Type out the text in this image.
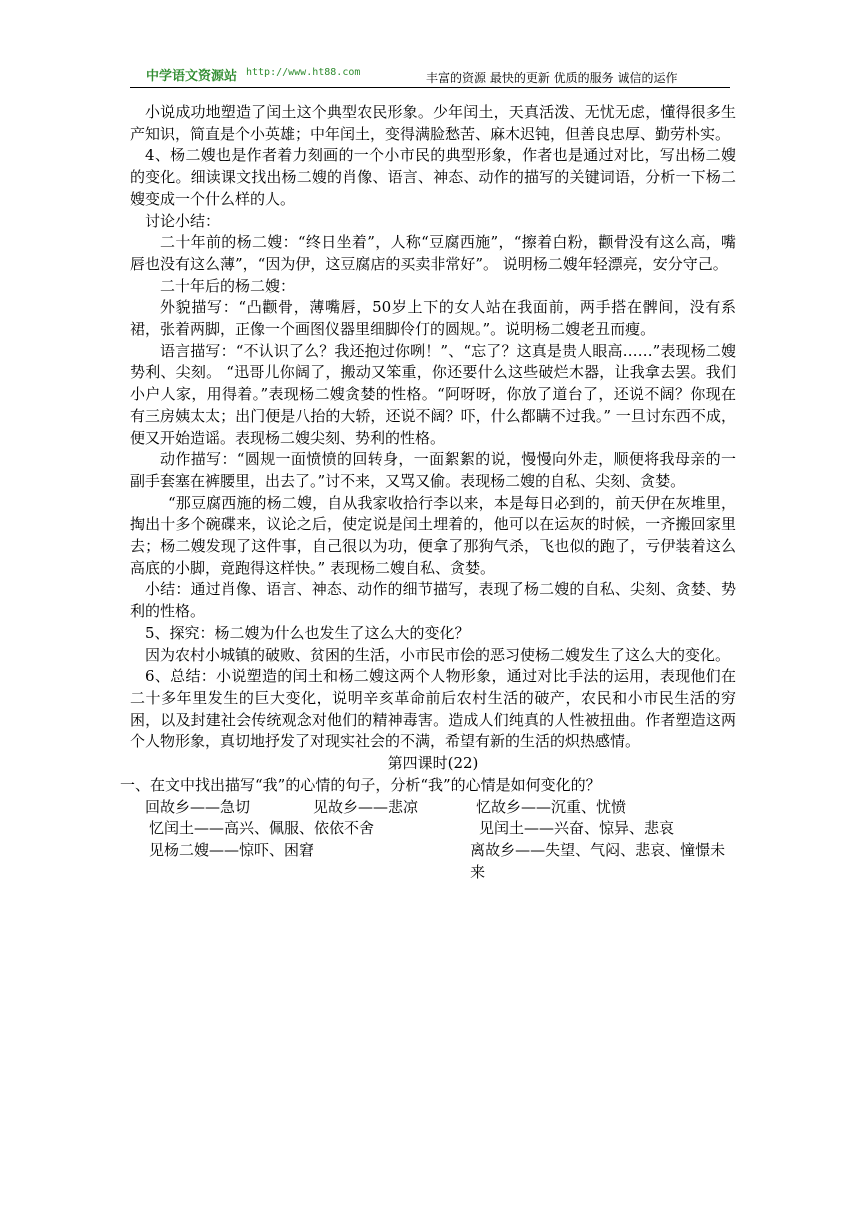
中学语文资源站 http://www.ht88.com	丰富的资源 最快的更新 优质的服务 诚信的运作

小说成功地塑造了闰土这个典型农民形象。少年闰土，天真活泼、无忧无虑，懂得很多生产知识，简直是个小英雄；中年闰土，变得满脸愁苦、麻木迟钝，但善良忠厚、勤劳朴实。

4、杨二嫂也是作者着力刻画的一个小市民的典型形象，作者也是通过对比，写出杨二嫂的变化。细读课文找出杨二嫂的肖像、语言、神态、动作的描写的关键词语，分析一下杨二嫂变成一个什么样的人。

讨论小结：

二十年前的杨二嫂：“终日坐着”，人称“豆腐西施”，“擦着白粉，颧骨没有这么高，嘴唇也没有这么薄”，“因为伊，这豆腐店的买卖非常好”。 说明杨二嫂年轻漂亮，安分守己。

二十年后的杨二嫂：

外貌描写：“凸颧骨，薄嘴唇，50岁上下的女人站在我面前，两手搭在髀间，没有系裙，张着两脚，正像一个画图仪器里细脚伶仃的圆规。”。说明杨二嫂老丑而瘦。

语言描写：“不认识了么？我还抱过你咧！”、“忘了？这真是贵人眼高……”表现杨二嫂势利、尖刻。 “迅哥儿你阔了，搬动又笨重，你还要什么这些破烂木器，让我拿去罢。我们小户人家，用得着。”表现杨二嫂贪婪的性格。“阿呀呀，你放了道台了，还说不阔？你现在有三房姨太太；出门便是八抬的大轿，还说不阔？吓，什么都瞒不过我。” 一旦讨东西不成，便又开始造谣。表现杨二嫂尖刻、势利的性格。

动作描写：“圆规一面愤愤的回转身，一面絮絮的说，慢慢向外走，顺便将我母亲的一副手套塞在裤腰里，出去了。”讨不来，又骂又偷。表现杨二嫂的自私、尖刻、贪婪。

“那豆腐西施的杨二嫂，自从我家收拾行李以来，本是每日必到的，前天伊在灰堆里，掏出十多个碗碟来，议论之后，使定说是闰土埋着的，他可以在运灰的时候，一齐搬回家里去；杨二嫂发现了这件事，自己很以为功，便拿了那狗气杀，飞也似的跑了，亏伊装着这么高底的小脚，竟跑得这样快。” 表现杨二嫂自私、贪婪。

小结：通过肖像、语言、神态、动作的细节描写，表现了杨二嫂的自私、尖刻、贪婪、势利的性格。

5、探究：杨二嫂为什么也发生了这么大的变化？

因为农村小城镇的破败、贫困的生活，小市民市侩的恶习使杨二嫂发生了这么大的变化。

6、总结：小说塑造的闰土和杨二嫂这两个人物形象，通过对比手法的运用，表现他们在二十多年里发生的巨大变化，说明辛亥革命前后农村生活的破产，农民和小市民生活的穷困，以及封建社会传统观念对他们的精神毒害。造成人们纯真的人性被扭曲。作者塑造这两个人物形象，真切地抒发了对现实社会的不满，希望有新的生活的炽热感情。

第四课时(22)

一、在文中找出描写“我”的心情的句子，分析“我”的心情是如何变化的？

回故乡——急切	见故乡——悲凉	忆故乡——沉重、忧愤
忆闰土——高兴、佩服、依依不舍	见闰土——兴奋、惊异、悲哀
见杨二嫂——惊吓、困窘	离故乡——失望、气闷、悲哀、憧憬未来
